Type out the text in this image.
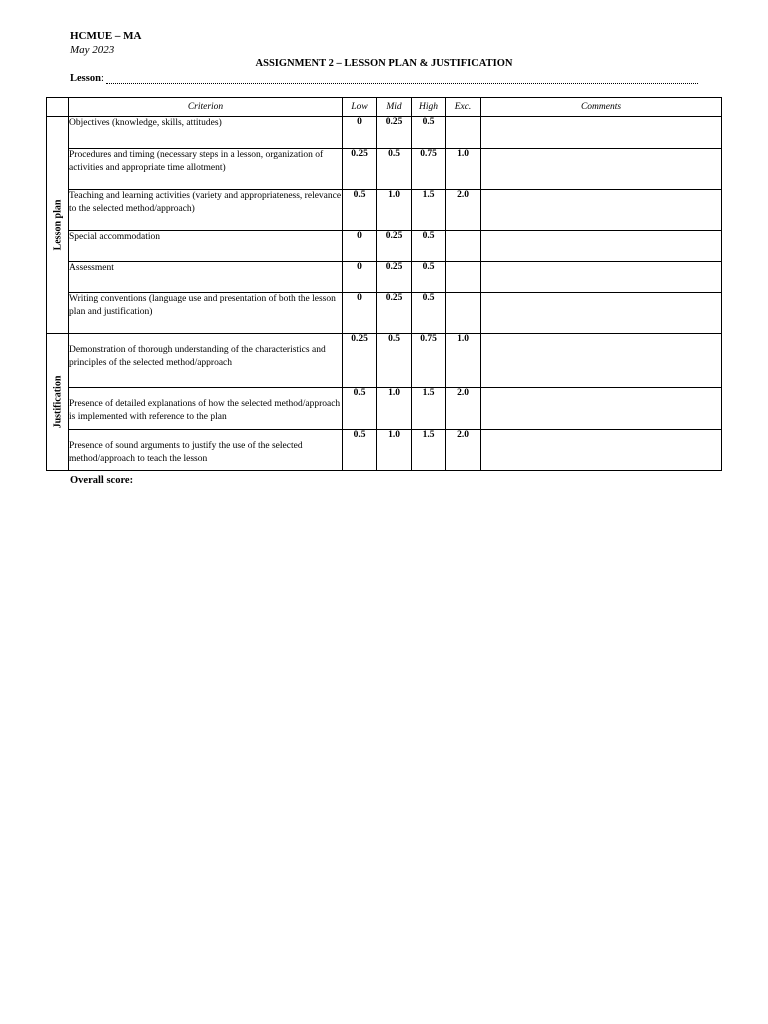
HCMUE – MA
May 2023
ASSIGNMENT 2 – LESSON PLAN & JUSTIFICATION
Lesson :
	Criterion	Low	Mid	High	Exc.	Comments

Lesson plan	Objectives (knowledge, skills, attitudes)	0	0.25	0.5		
	Procedures and timing (necessary steps in a lesson, organization of activities and appropriate time allotment)	0.25	0.5	0.75	1.0	
	Teaching and learning activities (variety and appropriateness, relevance to the selected method/approach)	0.5	1.0	1.5	2.0	
	Special accommodation	0	0.25	0.5		
	Assessment	0	0.25	0.5		
	Writing conventions (language use and presentation of both the lesson plan and justification)	0	0.25	0.5		

Justification	Demonstration of thorough understanding of the characteristics and principles of the selected method/approach	0.25	0.5	0.75	1.0	
	Presence of detailed explanations of how the selected method/approach is implemented with reference to the plan	0.5	1.0	1.5	2.0	
	Presence of sound arguments to justify the use of the selected method/approach to teach the lesson	0.5	1.0	1.5	2.0	
Overall score:
